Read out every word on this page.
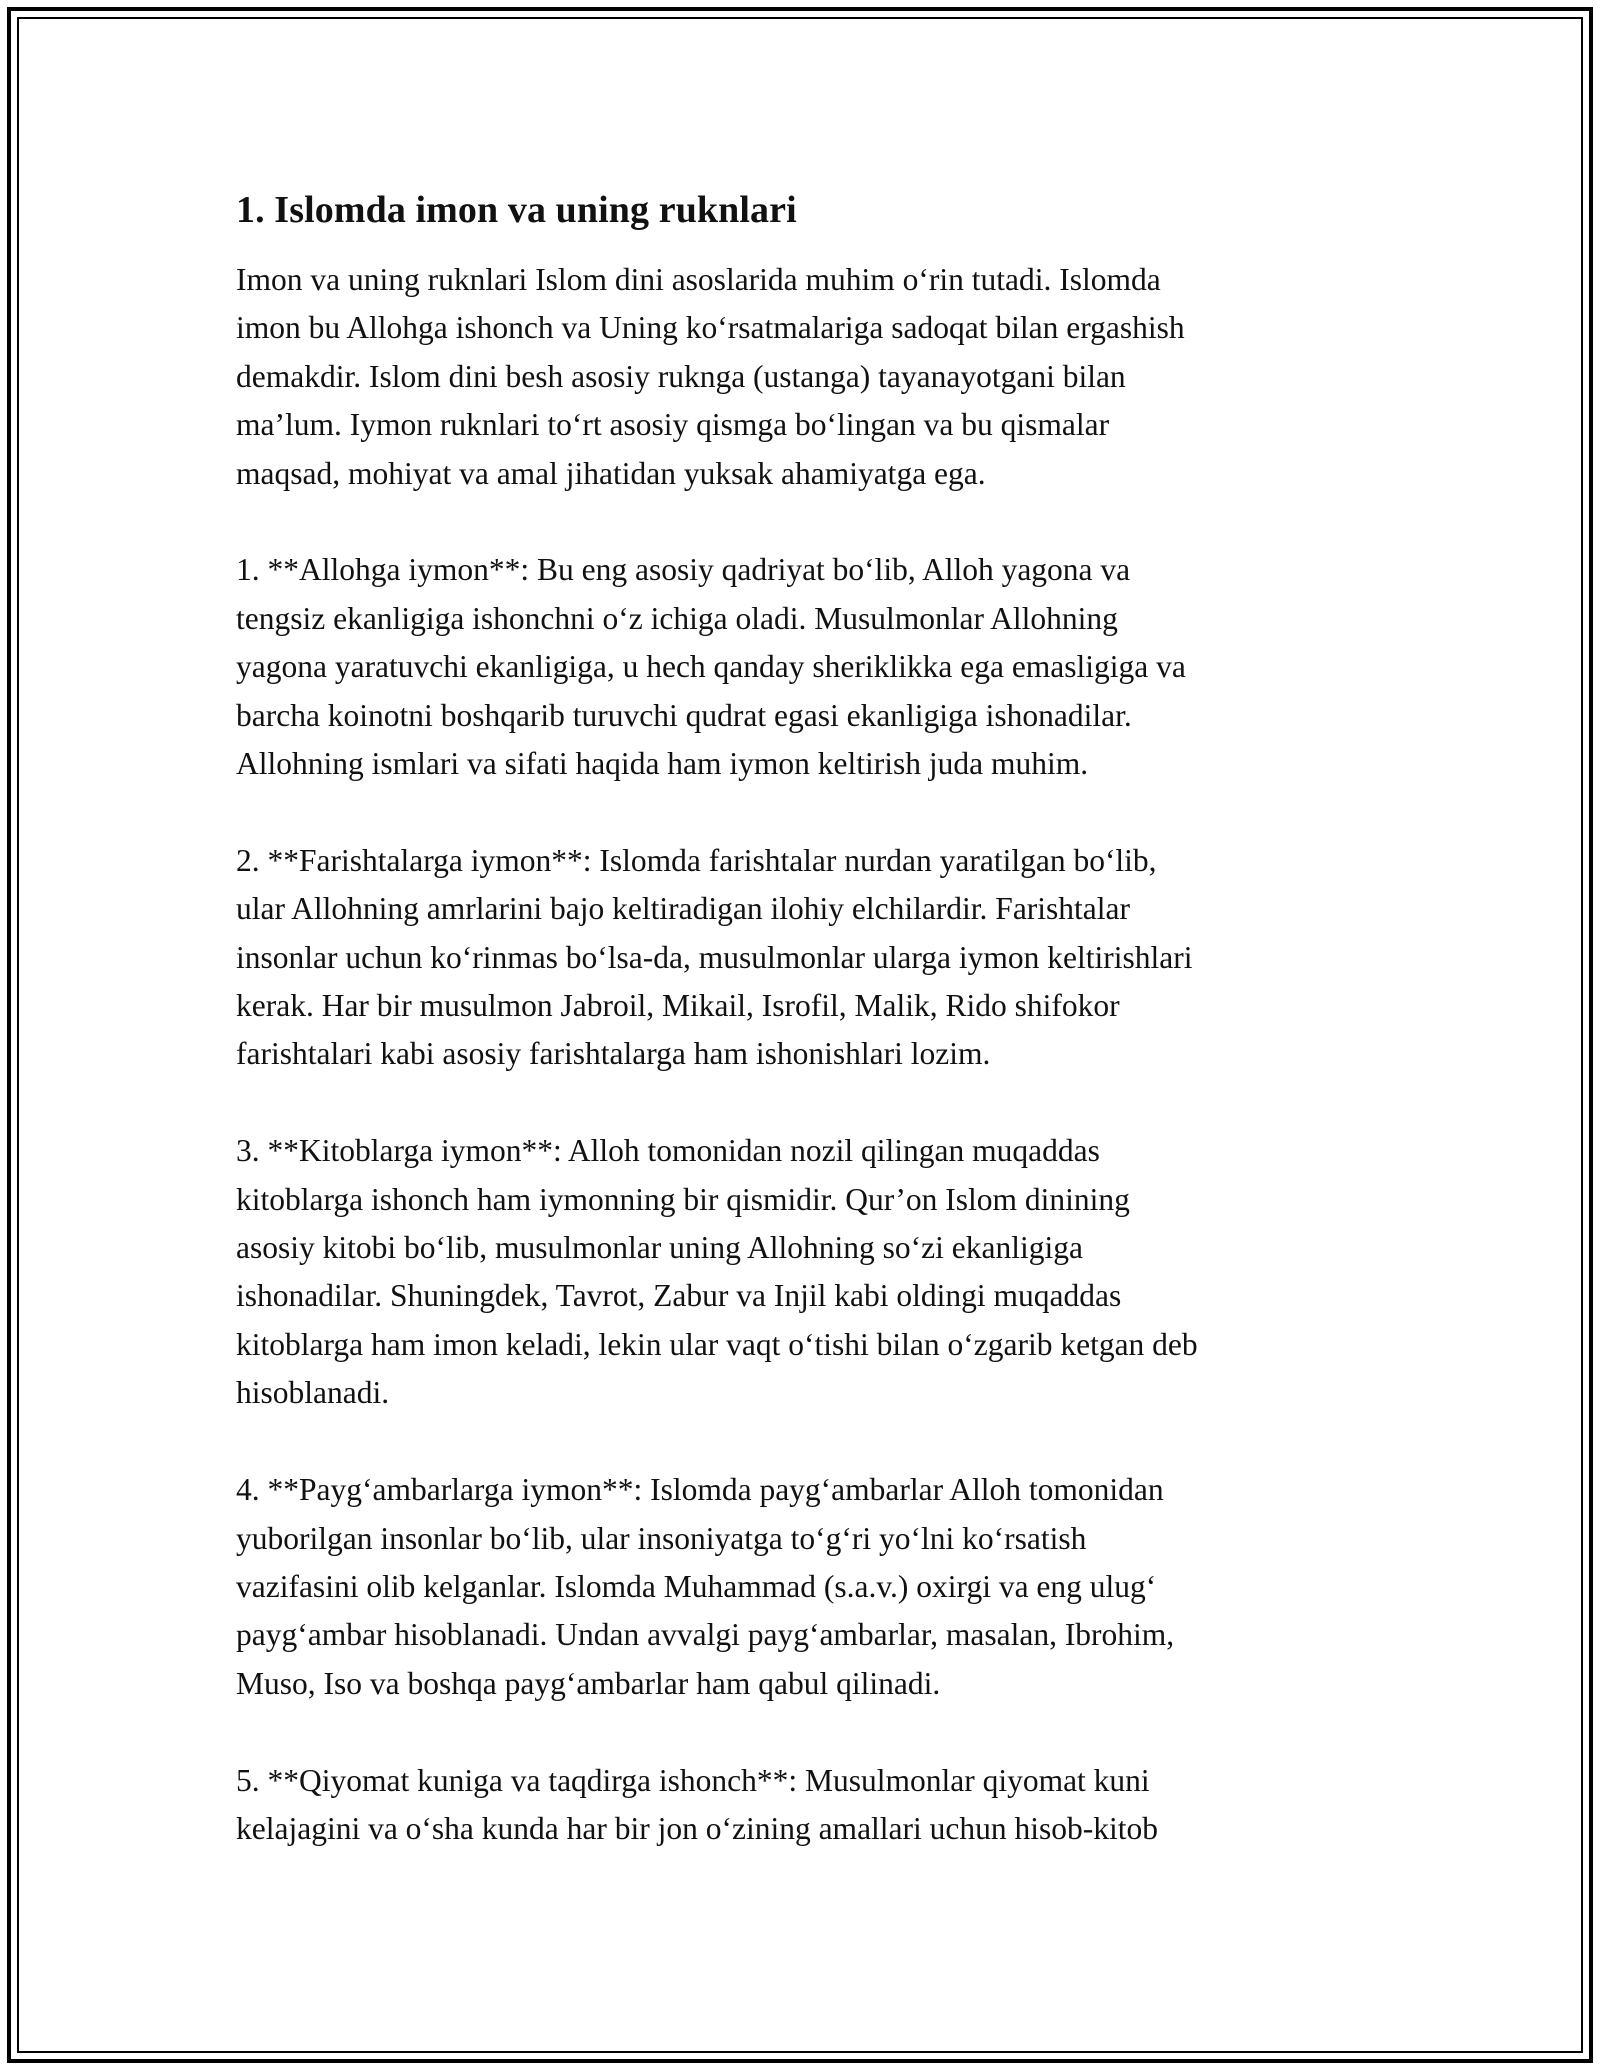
1. Islomda imon va uning ruknlari

Imon va uning ruknlari Islom dini asoslarida muhim o‘rin tutadi. Islomda
imon bu Allohga ishonch va Uning ko‘rsatmalariga sadoqat bilan ergashish
demakdir. Islom dini besh asosiy ruknga (ustanga) tayanayotgani bilan
ma’lum. Iymon ruknlari to‘rt asosiy qismga bo‘lingan va bu qismalar
maqsad, mohiyat va amal jihatidan yuksak ahamiyatga ega.

1. **Allohga iymon**: Bu eng asosiy qadriyat bo‘lib, Alloh yagona va
tengsiz ekanligiga ishonchni o‘z ichiga oladi. Musulmonlar Allohning
yagona yaratuvchi ekanligiga, u hech qanday sheriklikka ega emasligiga va
barcha koinotni boshqarib turuvchi qudrat egasi ekanligiga ishonadilar.
Allohning ismlari va sifati haqida ham iymon keltirish juda muhim.

2. **Farishtalarga iymon**: Islomda farishtalar nurdan yaratilgan bo‘lib,
ular Allohning amrlarini bajo keltiradigan ilohiy elchilardir. Farishtalar
insonlar uchun ko‘rinmas bo‘lsa-da, musulmonlar ularga iymon keltirishlari
kerak. Har bir musulmon Jabroil, Mikail, Isrofil, Malik, Rido shifokor
farishtalari kabi asosiy farishtalarga ham ishonishlari lozim.

3. **Kitoblarga iymon**: Alloh tomonidan nozil qilingan muqaddas
kitoblarga ishonch ham iymonning bir qismidir. Qur’on Islom dinining
asosiy kitobi bo‘lib, musulmonlar uning Allohning so‘zi ekanligiga
ishonadilar. Shuningdek, Tavrot, Zabur va Injil kabi oldingi muqaddas
kitoblarga ham imon keladi, lekin ular vaqt o‘tishi bilan o‘zgarib ketgan deb
hisoblanadi.

4. **Payg‘ambarlarga iymon**: Islomda payg‘ambarlar Alloh tomonidan
yuborilgan insonlar bo‘lib, ular insoniyatga to‘g‘ri yo‘lni ko‘rsatish
vazifasini olib kelganlar. Islomda Muhammad (s.a.v.) oxirgi va eng ulug‘
payg‘ambar hisoblanadi. Undan avvalgi payg‘ambarlar, masalan, Ibrohim,
Muso, Iso va boshqa payg‘ambarlar ham qabul qilinadi.

5. **Qiyomat kuniga va taqdirga ishonch**: Musulmonlar qiyomat kuni
kelajagini va o‘sha kunda har bir jon o‘zining amallari uchun hisob-kitob
